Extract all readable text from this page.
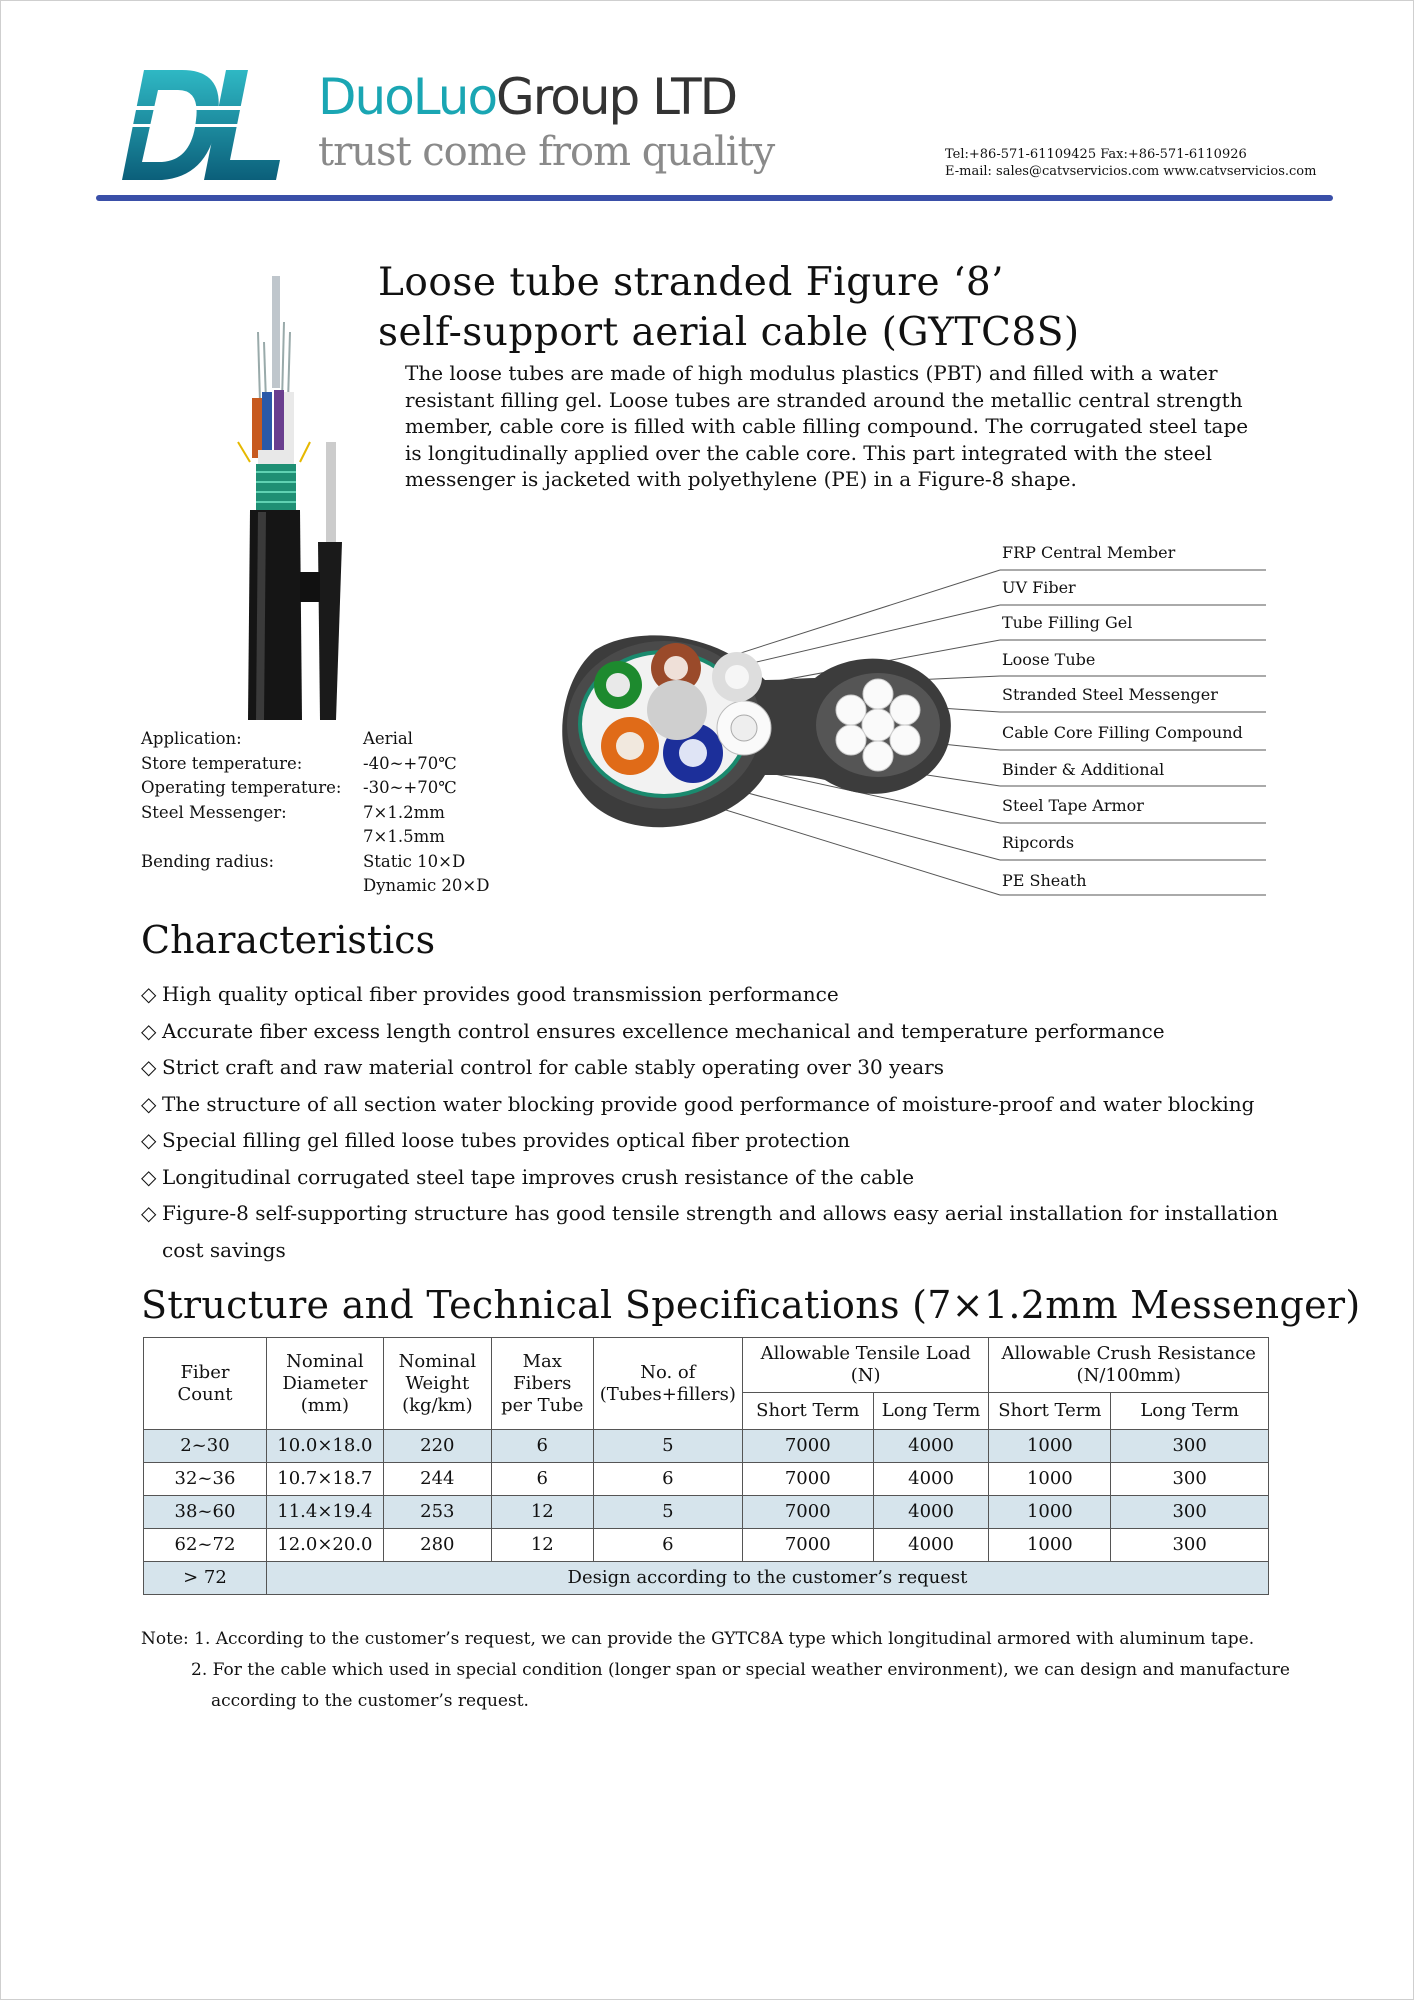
DuoLuoGroup LTD
trust come from quality	Tel:+86-571-61109425 Fax:+86-571-6110926
E-mail: sales@catvservicios.com www.catvservicios.com
Loose tube stranded Figure ‘8’
self-support aerial cable (GYTC8S)
The loose tubes are made of high modulus plastics (PBT) and filled with a water resistant filling gel. Loose tubes are stranded around the metallic central strength member, cable core is filled with cable filling compound. The corrugated steel tape is longitudinally applied over the cable core. This part integrated with the steel messenger is jacketed with polyethylene (PE) in a Figure-8 shape.
FRP Central Member
UV Fiber
Tube Filling Gel
Loose Tube
Stranded Steel Messenger
Cable Core Filling Compound
Binder & Additional
Steel Tape Armor
Ripcords
PE Sheath
Application:	Aerial
Store temperature:	-40~+70℃
Operating temperature: -30~+70℃
Steel Messenger:	7×1.2mm
7×1.5mm
Bending radius:	Static 10×D
Dynamic 20×D
Characteristics
◇ High quality optical fiber provides good transmission performance
◇ Accurate fiber excess length control ensures excellence mechanical and temperature performance
◇ Strict craft and raw material control for cable stably operating over 30 years
◇ The structure of all section water blocking provide good performance of moisture-proof and water blocking
◇ Special filling gel filled loose tubes provides optical fiber protection
◇ Longitudinal corrugated steel tape improves crush resistance of the cable
◇ Figure-8 self-supporting structure has good tensile strength and allows easy aerial installation for installation cost savings
Structure and Technical Specifications (7×1.2mm Messenger)
Fiber Count	Nominal Diameter (mm)	Nominal Weight (kg/km)	Max Fibers per Tube	No. of (Tubes+fillers)	Allowable Tensile Load (N)		Allowable Crush Resistance (N/100mm)	
					Short Term	Long Term	Short Term	Long Term
2~30	10.0×18.0	220	6	5	7000	4000	1000	300
32~36	10.7×18.7	244	6	6	7000	4000	1000	300
38~60	11.4×19.4	253	12	5	7000	4000	1000	300
62~72	12.0×20.0	280	12	6	7000	4000	1000	300
> 72	Design according to the customer’s request							
Note: 1. According to the customer’s request, we can provide the GYTC8A type which longitudinal armored with aluminum tape.
2. For the cable which used in special condition (longer span or special weather environment), we can design and manufacture
according to the customer’s request.
